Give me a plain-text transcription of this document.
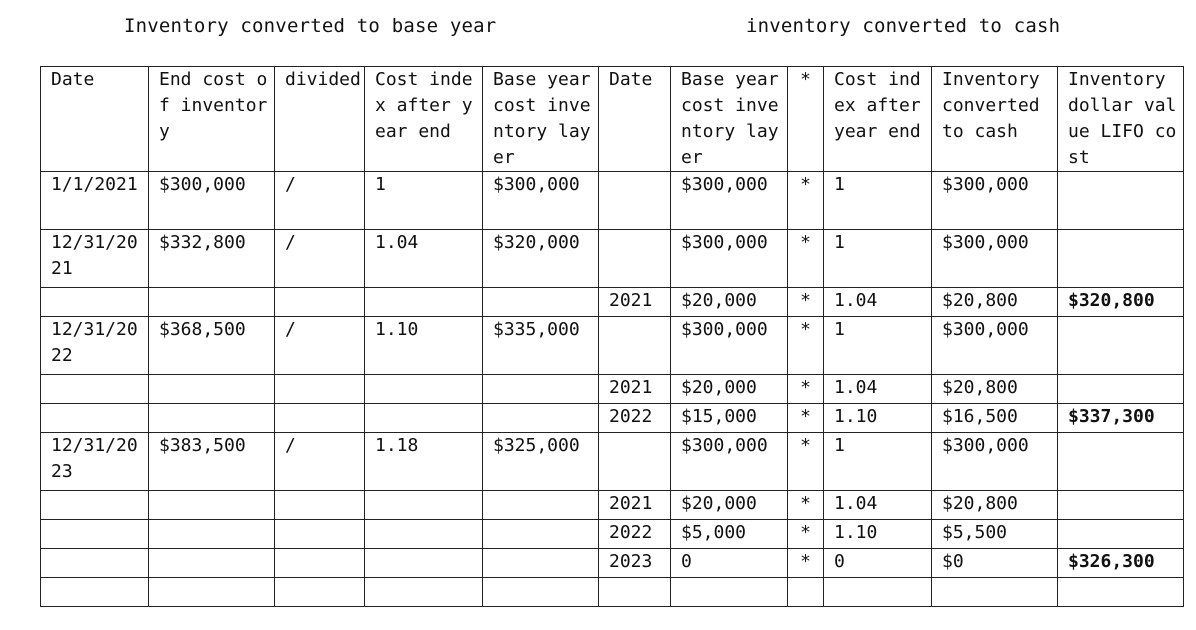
Inventory converted to base year	inventory converted to cash
Date	End cost of inventory	divided	Cost index after year end	Base year cost inventory layer	Date	Base year cost inventory layer	*	Cost index after year end	Inventory converted to cash	Inventory dollar value LIFO cost
1/1/2021	$300,000	/	1	$300,000		$300,000	*	1	$300,000	
12/31/2021	$332,800	/	1.04	$320,000		$300,000	*	1	$300,000	
					2021	$20,000	*	1.04	$20,800	$320,800
12/31/2022	$368,500	/	1.10	$335,000		$300,000	*	1	$300,000	
					2021	$20,000	*	1.04	$20,800	
					2022	$15,000	*	1.10	$16,500	$337,300
12/31/2023	$383,500	/	1.18	$325,000		$300,000	*	1	$300,000	
					2021	$20,000	*	1.04	$20,800	
					2022	$5,000	*	1.10	$5,500	
					2023	0	*	0	$0	$326,300
